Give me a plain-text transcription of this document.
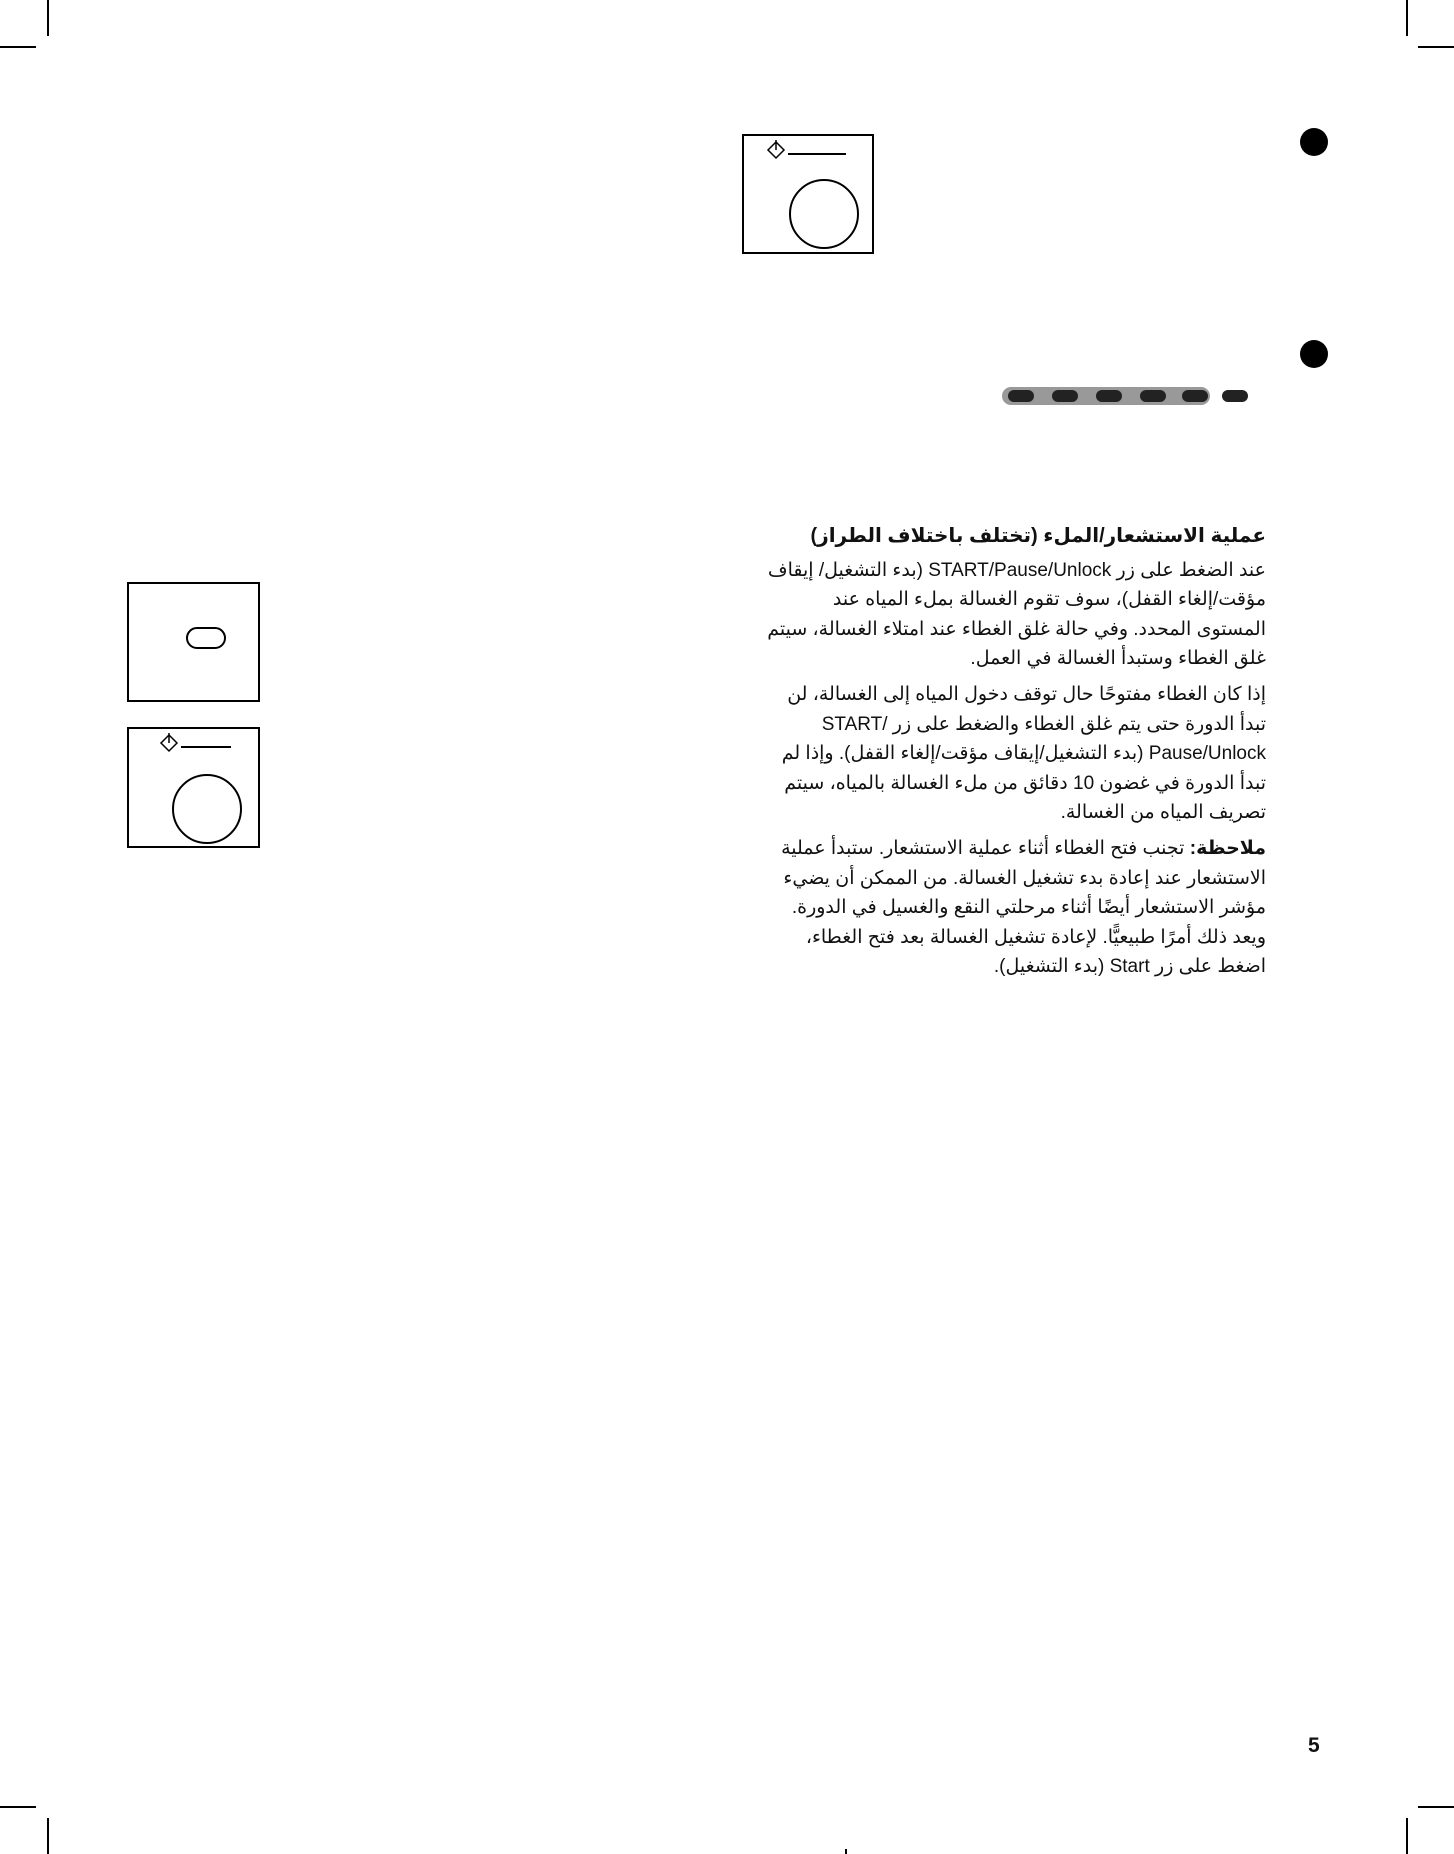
عملية الاستشعار/الملء (تختلف باختلاف الطراز)

عند الضغط على زر START/Pause/Unlock (بدء التشغيل/ إيقاف مؤقت/إلغاء القفل)، سوف تقوم الغسالة بملء المياه عند المستوى المحدد. وفي حالة غلق الغطاء عند امتلاء الغسالة، سيتم غلق الغطاء وستبدأ الغسالة في العمل.

إذا كان الغطاء مفتوحًا حال توقف دخول المياه إلى الغسالة، لن تبدأ الدورة حتى يتم غلق الغطاء والضغط على زر /START Pause/Unlock (بدء التشغيل/إيقاف مؤقت/إلغاء القفل). وإذا لم تبدأ الدورة في غضون 10 دقائق من ملء الغسالة بالمياه، سيتم تصريف المياه من الغسالة.

ملاحظة: تجنب فتح الغطاء أثناء عملية الاستشعار. ستبدأ عملية الاستشعار عند إعادة بدء تشغيل الغسالة. من الممكن أن يضيء مؤشر الاستشعار أيضًا أثناء مرحلتي النقع والغسيل في الدورة. ويعد ذلك أمرًا طبيعيًّا. لإعادة تشغيل الغسالة بعد فتح الغطاء، اضغط على زر Start (بدء التشغيل).

5
